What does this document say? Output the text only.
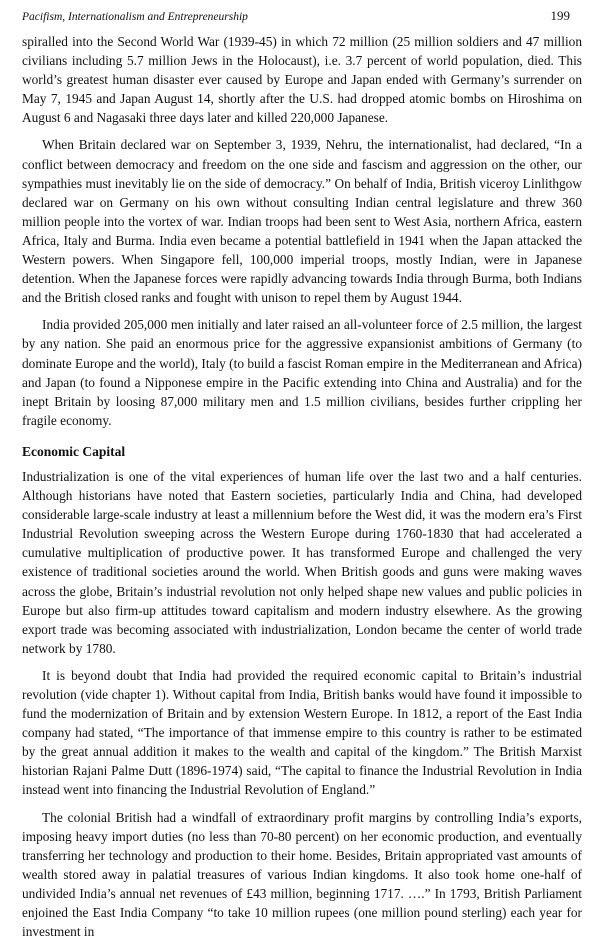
Pacifism, Internationalism and Entrepreneurship	199

spiralled into the Second World War (1939-45) in which 72 million (25 million soldiers and 47 million civilians including 5.7 million Jews in the Holocaust), i.e. 3.7 percent of world population, died. This world’s greatest human disaster ever caused by Europe and Japan ended with Germany’s surrender on May 7, 1945 and Japan August 14, shortly after the U.S. had dropped atomic bombs on Hiroshima on August 6 and Nagasaki three days later and killed 220,000 Japanese.

When Britain declared war on September 3, 1939, Nehru, the internationalist, had declared, “In a conflict between democracy and freedom on the one side and fascism and aggression on the other, our sympathies must inevitably lie on the side of democracy.” On behalf of India, British viceroy Linlithgow declared war on Germany on his own without consulting Indian central legislature and threw 360 million people into the vortex of war. Indian troops had been sent to West Asia, northern Africa, eastern Africa, Italy and Burma. India even became a potential battlefield in 1941 when the Japan attacked the Western powers. When Singapore fell, 100,000 imperial troops, mostly Indian, were in Japanese detention. When the Japanese forces were rapidly advancing towards India through Burma, both Indians and the British closed ranks and fought with unison to repel them by August 1944.

India provided 205,000 men initially and later raised an all-volunteer force of 2.5 million, the largest by any nation. She paid an enormous price for the aggressive expansionist ambitions of Germany (to dominate Europe and the world), Italy (to build a fascist Roman empire in the Mediterranean and Africa) and Japan (to found a Nipponese empire in the Pacific extending into China and Australia) and for the inept Britain by loosing 87,000 military men and 1.5 million civilians, besides further crippling her fragile economy.

Economic Capital

Industrialization is one of the vital experiences of human life over the last two and a half centuries. Although historians have noted that Eastern societies, particularly India and China, had developed considerable large-scale industry at least a millennium before the West did, it was the modern era’s First Industrial Revolution sweeping across the Western Europe during 1760-1830 that had accelerated a cumulative multiplication of productive power. It has transformed Europe and challenged the very existence of traditional societies around the world. When British goods and guns were making waves across the globe, Britain’s industrial revolution not only helped shape new values and public policies in Europe but also firm-up attitudes toward capitalism and modern industry elsewhere. As the growing export trade was becoming associated with industrialization, London became the center of world trade network by 1780.

It is beyond doubt that India had provided the required economic capital to Britain’s industrial revolution (vide chapter 1). Without capital from India, British banks would have found it impossible to fund the modernization of Britain and by extension Western Europe. In 1812, a report of the East India company had stated, “The importance of that immense empire to this country is rather to be estimated by the great annual addition it makes to the wealth and capital of the kingdom.” The British Marxist historian Rajani Palme Dutt (1896-1974) said, “The capital to finance the Industrial Revolution in India instead went into financing the Industrial Revolution of England.”

The colonial British had a windfall of extraordinary profit margins by controlling India’s exports, imposing heavy import duties (no less than 70-80 percent) on her economic production, and eventually transferring her technology and production to their home. Besides, Britain appropriated vast amounts of wealth stored away in palatial treasures of various Indian kingdoms. It also took home one-half of undivided India’s annual net revenues of £43 million, beginning 1717. ….” In 1793, British Parliament enjoined the East India Company “to take 10 million rupees (one million pound sterling) each year for investment in
